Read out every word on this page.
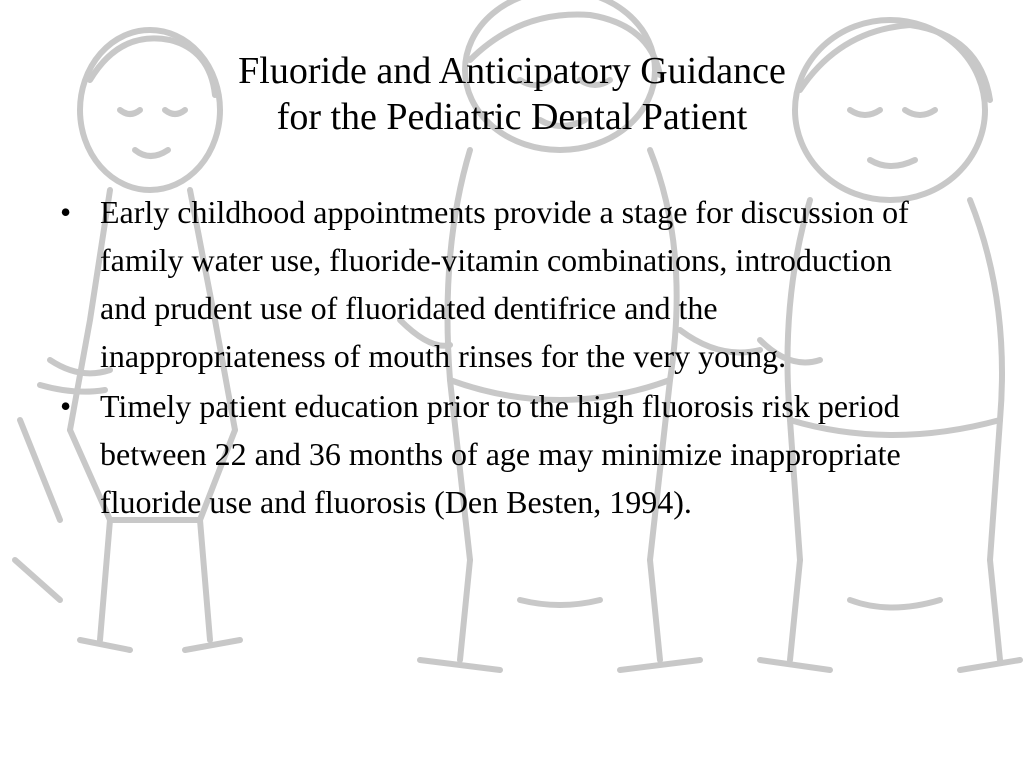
Fluoride and Anticipatory Guidance
for the Pediatric Dental Patient
• Early childhood appointments provide a stage for discussion of family water use, fluoride-vitamin combinations, introduction and prudent use of fluoridated dentifrice and the inappropriateness of mouth rinses for the very young.
• Timely patient education prior to the high fluorosis risk period between 22 and 36 months of age may minimize inappropriate fluoride use and fluorosis (Den Besten, 1994).
